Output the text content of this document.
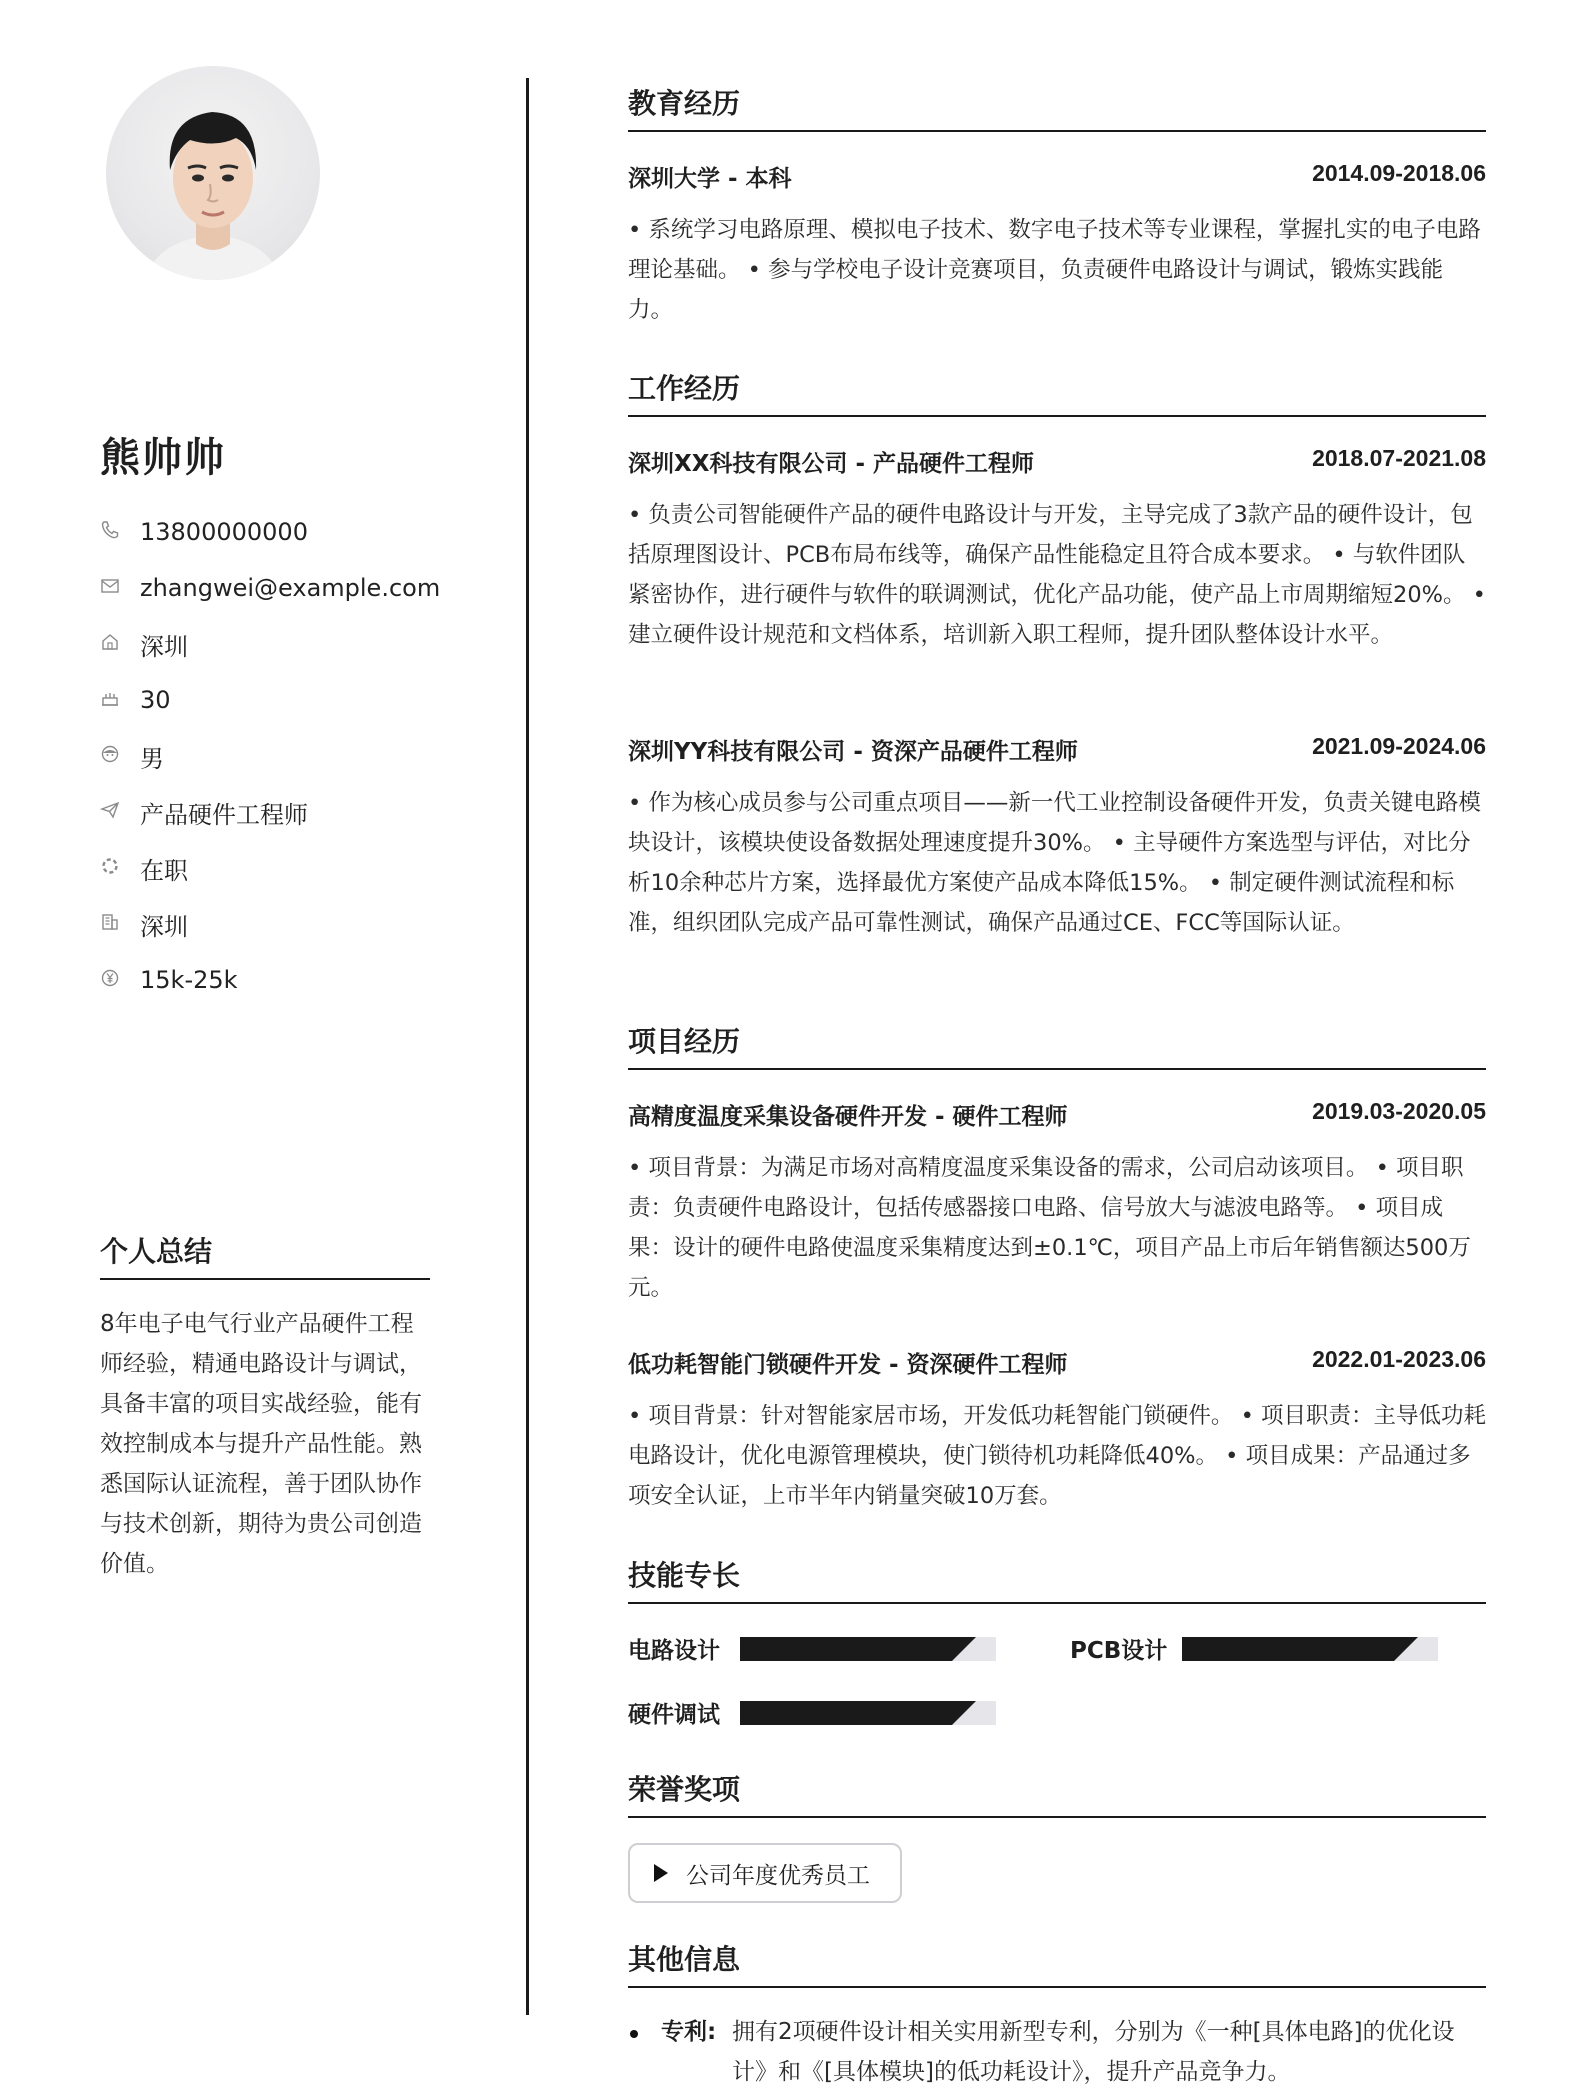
熊帅帅
13800000000
zhangwei@example.com
深圳
30
男
产品硬件工程师
在职
深圳
15k-25k
个人总结
8年电子电气行业产品硬件工程师经验，精通电路设计与调试，具备丰富的项目实战经验，能有效控制成本与提升产品性能。熟悉国际认证流程，善于团队协作与技术创新，期待为贵公司创造价值。
教育经历
深圳大学 - 本科	2014.09-2018.06
• 系统学习电路原理、模拟电子技术、数字电子技术等专业课程，掌握扎实的电子电路理论基础。 • 参与学校电子设计竞赛项目，负责硬件电路设计与调试，锻炼实践能力。
工作经历
深圳XX科技有限公司 - 产品硬件工程师	2018.07-2021.08
• 负责公司智能硬件产品的硬件电路设计与开发，主导完成了3款产品的硬件设计，包括原理图设计、PCB布局布线等，确保产品性能稳定且符合成本要求。 • 与软件团队紧密协作，进行硬件与软件的联调测试，优化产品功能，使产品上市周期缩短20%。 • 建立硬件设计规范和文档体系，培训新入职工程师，提升团队整体设计水平。
深圳YY科技有限公司 - 资深产品硬件工程师	2021.09-2024.06
• 作为核心成员参与公司重点项目——新一代工业控制设备硬件开发，负责关键电路模块设计，该模块使设备数据处理速度提升30%。 • 主导硬件方案选型与评估，对比分析10余种芯片方案，选择最优方案使产品成本降低15%。 • 制定硬件测试流程和标准，组织团队完成产品可靠性测试，确保产品通过CE、FCC等国际认证。
项目经历
高精度温度采集设备硬件开发 - 硬件工程师	2019.03-2020.05
• 项目背景：为满足市场对高精度温度采集设备的需求，公司启动该项目。 • 项目职责：负责硬件电路设计，包括传感器接口电路、信号放大与滤波电路等。 • 项目成果：设计的硬件电路使温度采集精度达到±0.1℃，项目产品上市后年销售额达500万元。
低功耗智能门锁硬件开发 - 资深硬件工程师	2022.01-2023.06
• 项目背景：针对智能家居市场，开发低功耗智能门锁硬件。 • 项目职责：主导低功耗电路设计，优化电源管理模块，使门锁待机功耗降低40%。 • 项目成果：产品通过多项安全认证，上市半年内销量突破10万套。
技能专长
电路设计	PCB设计
硬件调试
荣誉奖项
公司年度优秀员工
其他信息
专利: 拥有2项硬件设计相关实用新型专利，分别为《一种[具体电路]的优化设计》和《[具体模块]的低功耗设计》，提升产品竞争力。
